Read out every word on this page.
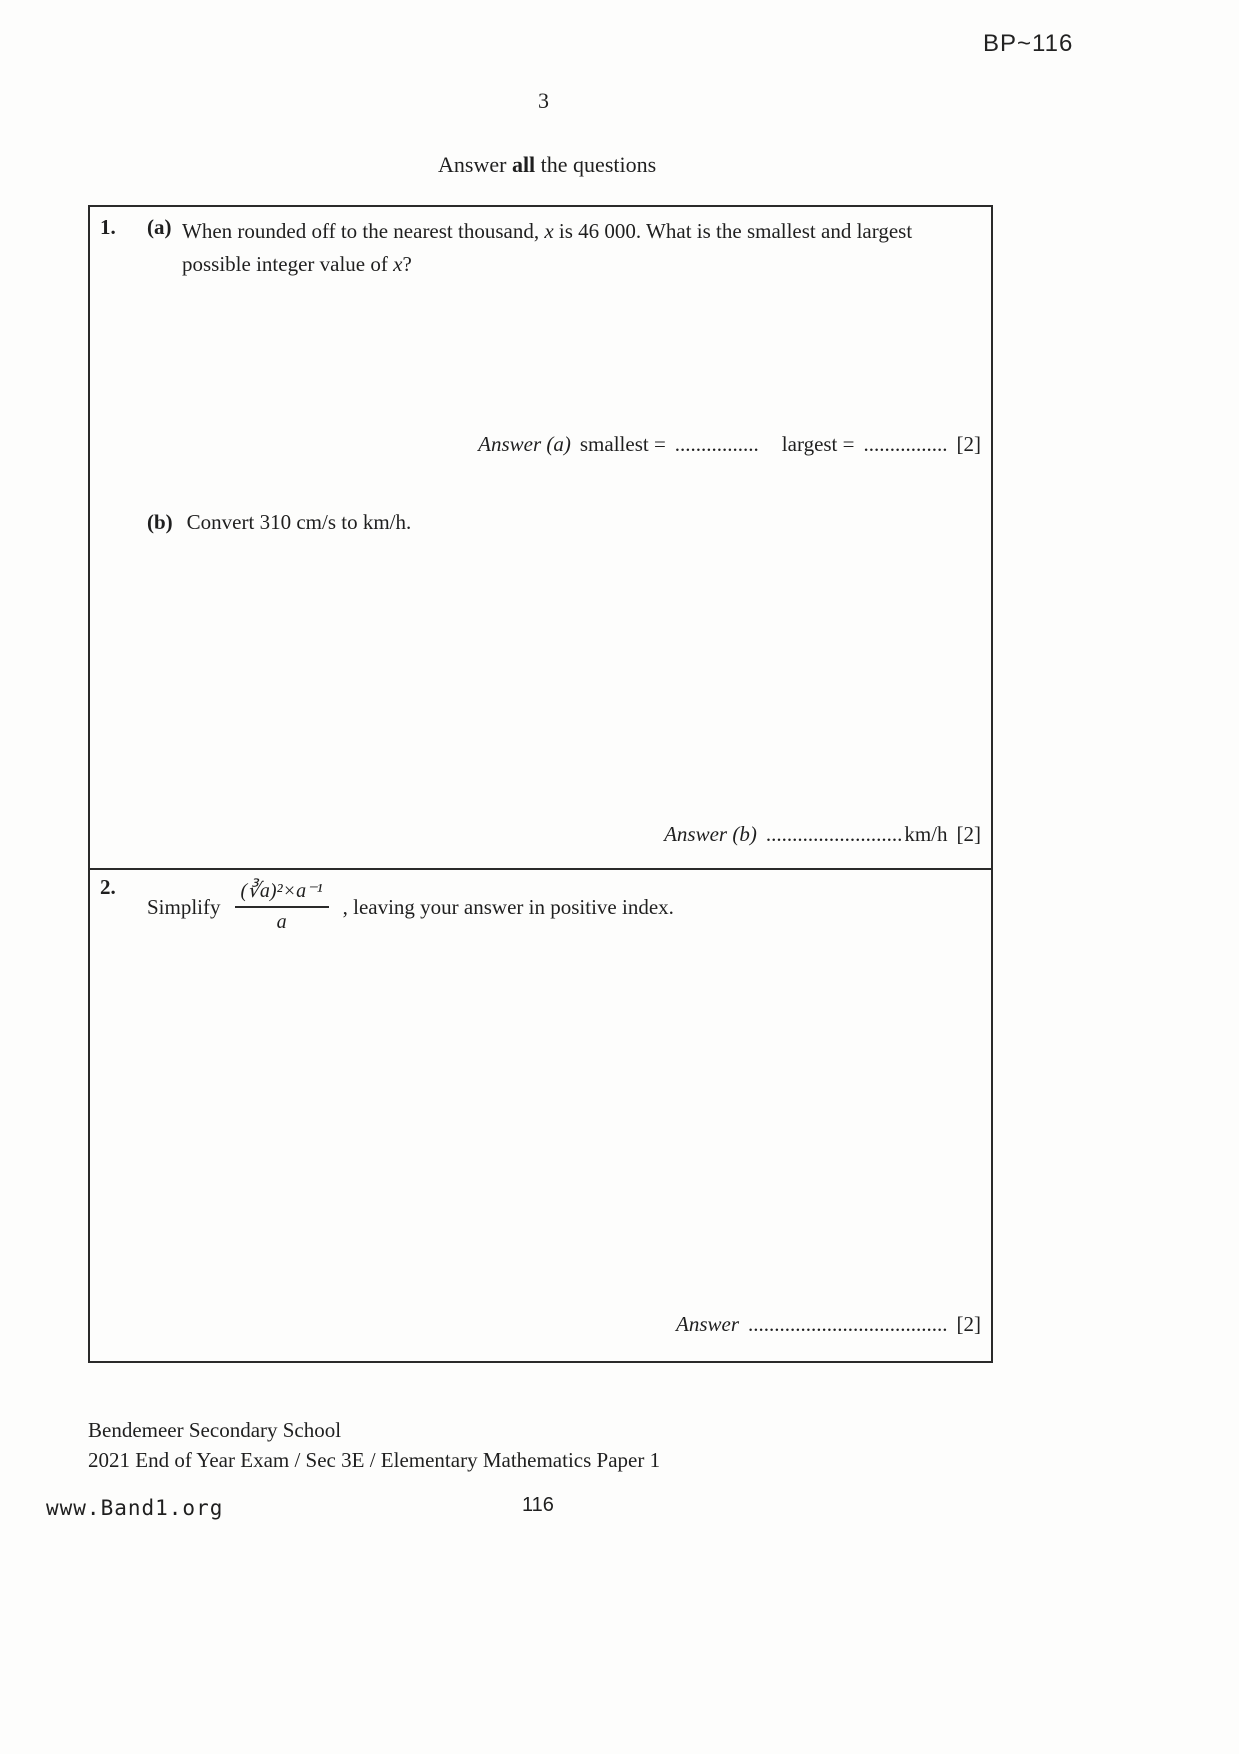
BP~116
3
Answer all the questions
1. (a) When rounded off to the nearest thousand, x is 46 000. What is the smallest and largest possible integer value of x?
Answer (a) smallest = ................ largest = ................ [2]
(b) Convert 310 cm/s to km/h.
Answer (b) .......................... km/h [2]
2.
Simplify $\frac{\text{(∛a)²×a⁻¹}}{a}$ , leaving your answer in positive index.
Answer ...................................... [2]
Bendemeer Secondary School
2021 End of Year Exam / Sec 3E / Elementary Mathematics Paper 1
www.Band1.org	116
